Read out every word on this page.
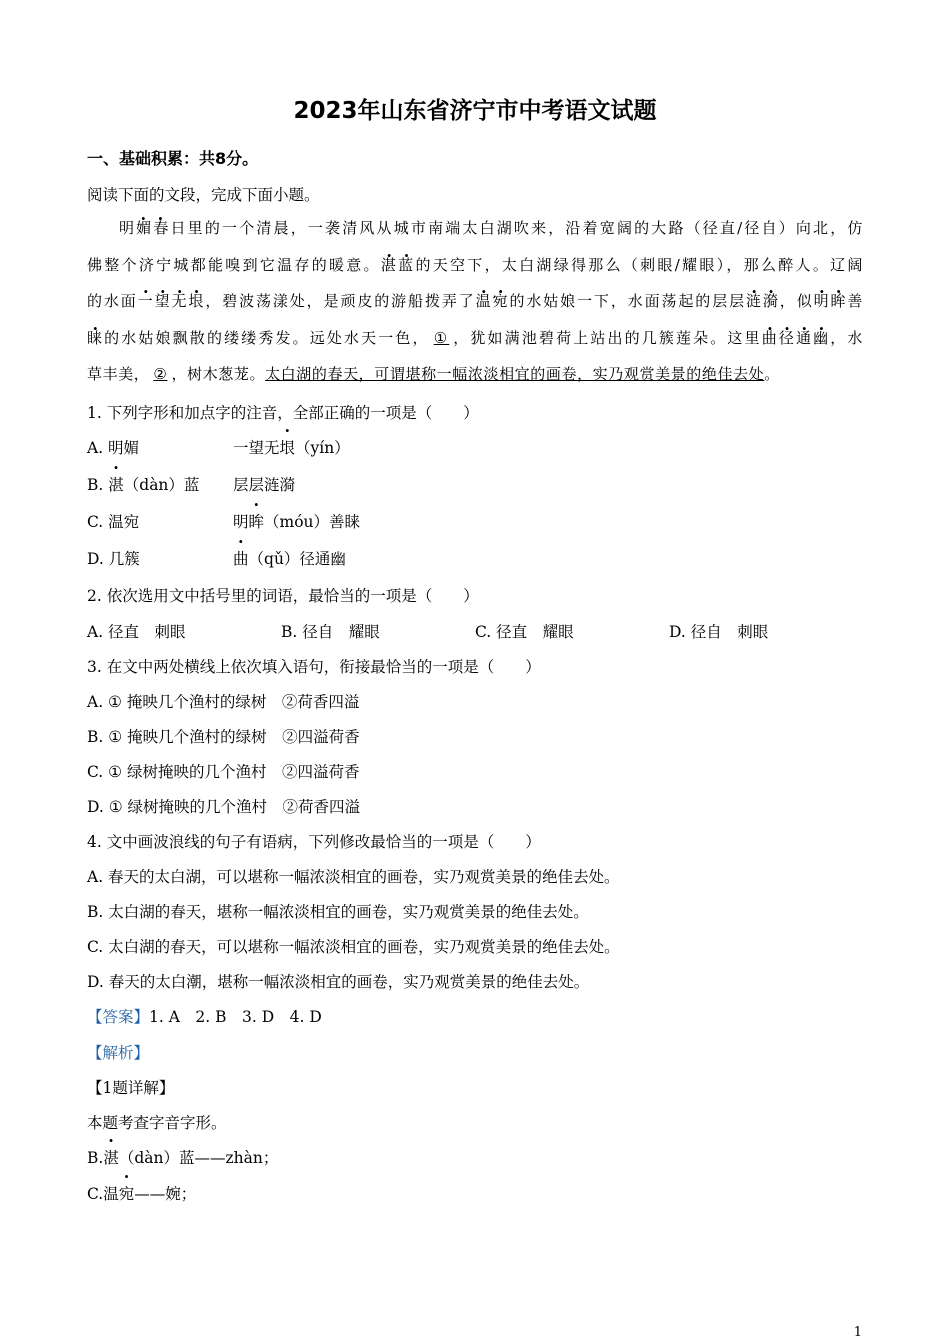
2023年山东省济宁市中考语文试题
一、基础积累：共8分。
阅读下面的文段，完成下面小题。

明媚春日里的一个清晨，一袭清风从城市南端太白湖吹来，沿着宽阔的大路（径直/径自）向北，仿

佛整个济宁城都能嗅到它温存的暖意。湛蓝的天空下，太白湖绿得那么（刺眼/耀眼），那么醉人。辽阔

的水面一望无垠，碧波荡漾处，是顽皮的游船拨弄了温宛的水姑娘一下，水面荡起的层层涟漪，似明眸善

睐的水姑娘飘散的缕缕秀发。远处水天一色， ① ，犹如满池碧荷上站出的几簇莲朵。这里曲径通幽，水

草丰美， ② ，树木葱茏。太白湖的春天，可谓堪称一幅浓淡相宜的画卷，实乃观赏美景的绝佳去处。

1. 下列字形和加点字的注音，全部正确的一项是（　　）
A. 明媚	一望无垠（yín）
B. 湛（dàn）蓝 层层涟漪
C. 温宛	明眸（móu）善睐
D. 几簇	曲（qǔ）径通幽
2. 依次选用文中括号里的词语，最恰当的一项是（　　）
A. 径直　刺眼	B. 径自　耀眼	C. 径直　耀眼	D. 径自　刺眼
3. 在文中两处横线上依次填入语句，衔接最恰当的一项是（　　）
A. ① 掩映几个渔村的绿树　②荷香四溢
B. ① 掩映几个渔村的绿树　②四溢荷香
C. ① 绿树掩映的几个渔村　②四溢荷香
D. ① 绿树掩映的几个渔村　②荷香四溢
4. 文中画波浪线的句子有语病，下列修改最恰当的一项是（　　）
A. 春天的太白湖，可以堪称一幅浓淡相宜的画卷，实乃观赏美景的绝佳去处。
B. 太白湖的春天，堪称一幅浓淡相宜的画卷，实乃观赏美景的绝佳去处。
C. 太白湖的春天，可以堪称一幅浓淡相宜的画卷，实乃观赏美景的绝佳去处。
D. 春天的太白潮，堪称一幅浓淡相宜的画卷，实乃观赏美景的绝佳去处。
【答案】1. A　2. B　3. D　4. D
【解析】
【1题详解】
本题考查字音字形。
B.湛（dàn）蓝——zhàn；
C.温宛——婉；
1
